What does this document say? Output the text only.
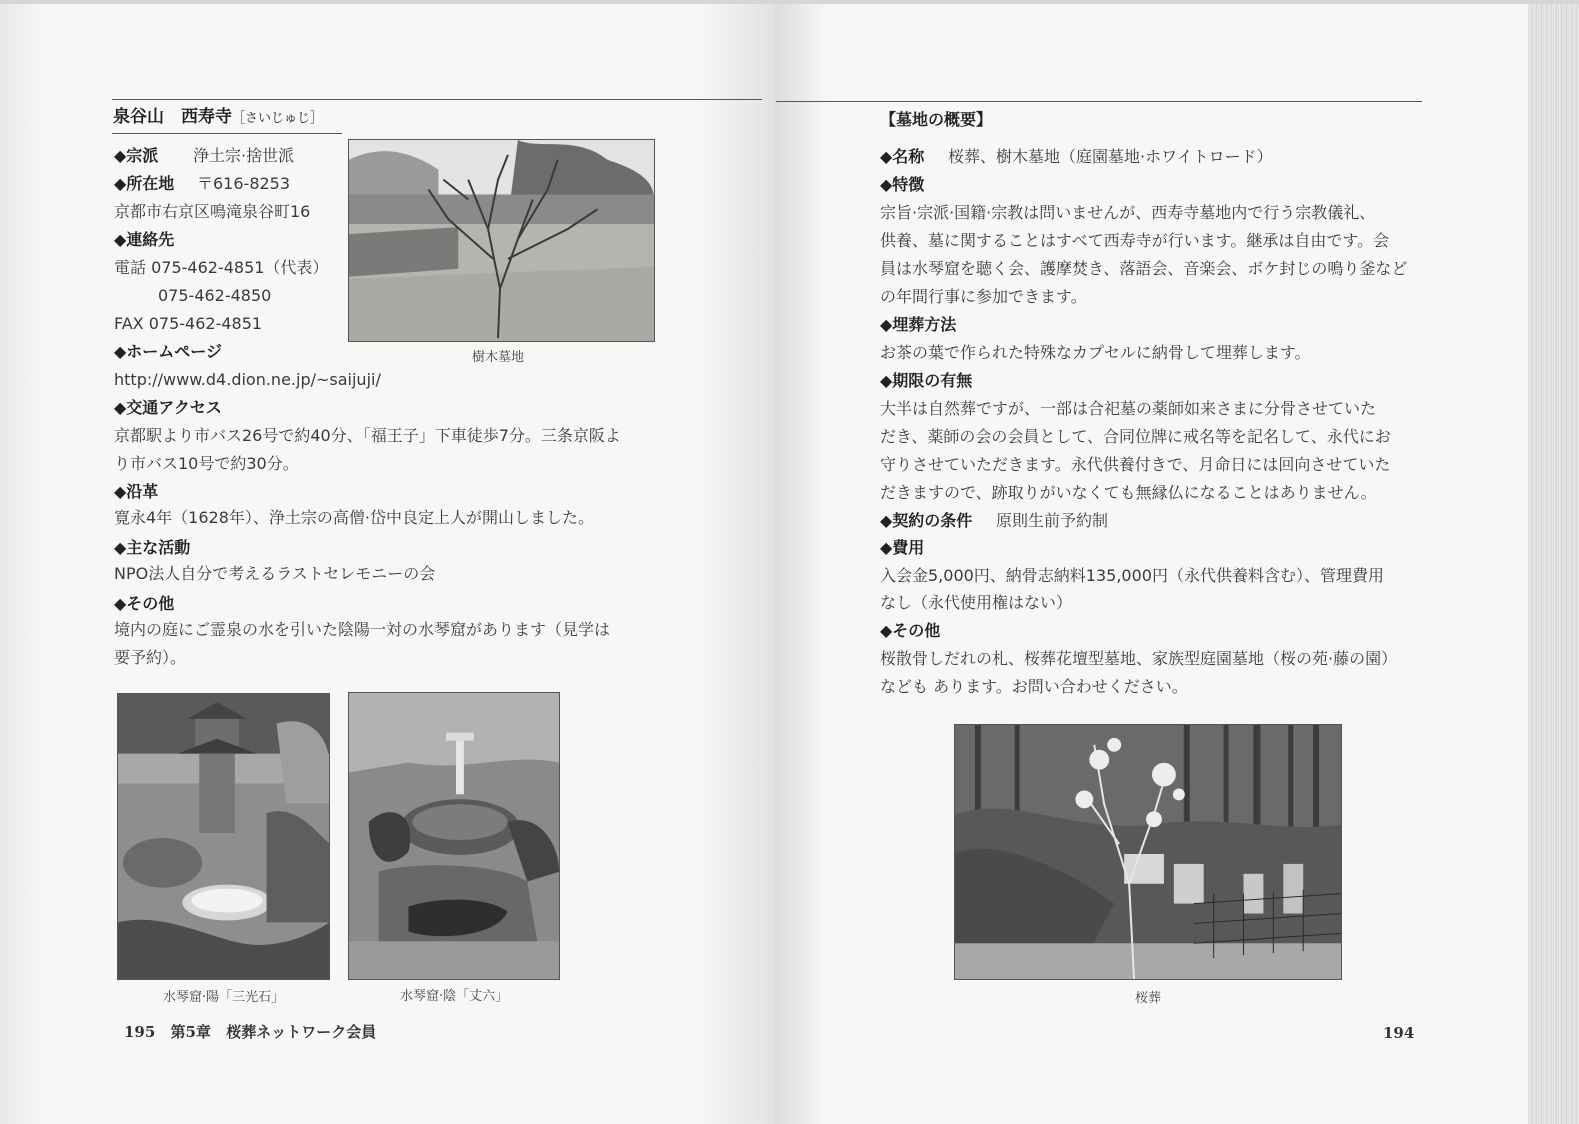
泉谷山　西寿寺［さいじゅじ］
◆宗派 浄土宗·捨世派
◆所在地 〒616-8253
京都市右京区鳴滝泉谷町16
◆連絡先
電話 075-462-4851（代表）
075-462-4850
FAX 075-462-4851
◆ホームページ
http://www.d4.dion.ne.jp/~saijuji/
◆交通アクセス
京都駅より市バス26号で約40分、「福王子」下車徒歩7分。三条京阪よ
り市バス10号で約30分。
◆沿革
寛永4年（1628年）、浄土宗の高僧·岱中良定上人が開山しました。
◆主な活動
NPO法人自分で考えるラストセレモニーの会
◆その他
境内の庭にご霊泉の水を引いた陰陽一対の水琴窟があります（見学は
要予約）。
樹木墓地
水琴窟·陽「三光石」	水琴窟·陰「丈六」
195 第5章 桜葬ネットワーク会員
【墓地の概要】
◆名称 桜葬、樹木墓地（庭園墓地·ホワイトロード）
◆特徴
宗旨·宗派·国籍·宗教は問いませんが、西寿寺墓地内で行う宗教儀礼、
供養、墓に関することはすべて西寿寺が行います。継承は自由です。会
員は水琴窟を聴く会、護摩焚き、落語会、音楽会、ボケ封じの鳴り釜など
の年間行事に参加できます。
◆埋葬方法
お茶の葉で作られた特殊なカプセルに納骨して埋葬します。
◆期限の有無
大半は自然葬ですが、一部は合祀墓の薬師如来さまに分骨させていた
だき、薬師の会の会員として、合同位牌に戒名等を記名して、永代にお
守りさせていただきます。永代供養付きで、月命日には回向させていた
だきますので、跡取りがいなくても無縁仏になることはありません。
◆契約の条件 原則生前予約制
◆費用
入会金5,000円、納骨志納料135,000円（永代供養料含む）、管理費用
なし（永代使用権はない）
◆その他
桜散骨しだれの札、桜葬花壇型墓地、家族型庭園墓地（桜の苑·藤の園）
なども あります。お問い合わせください。
桜葬
194
